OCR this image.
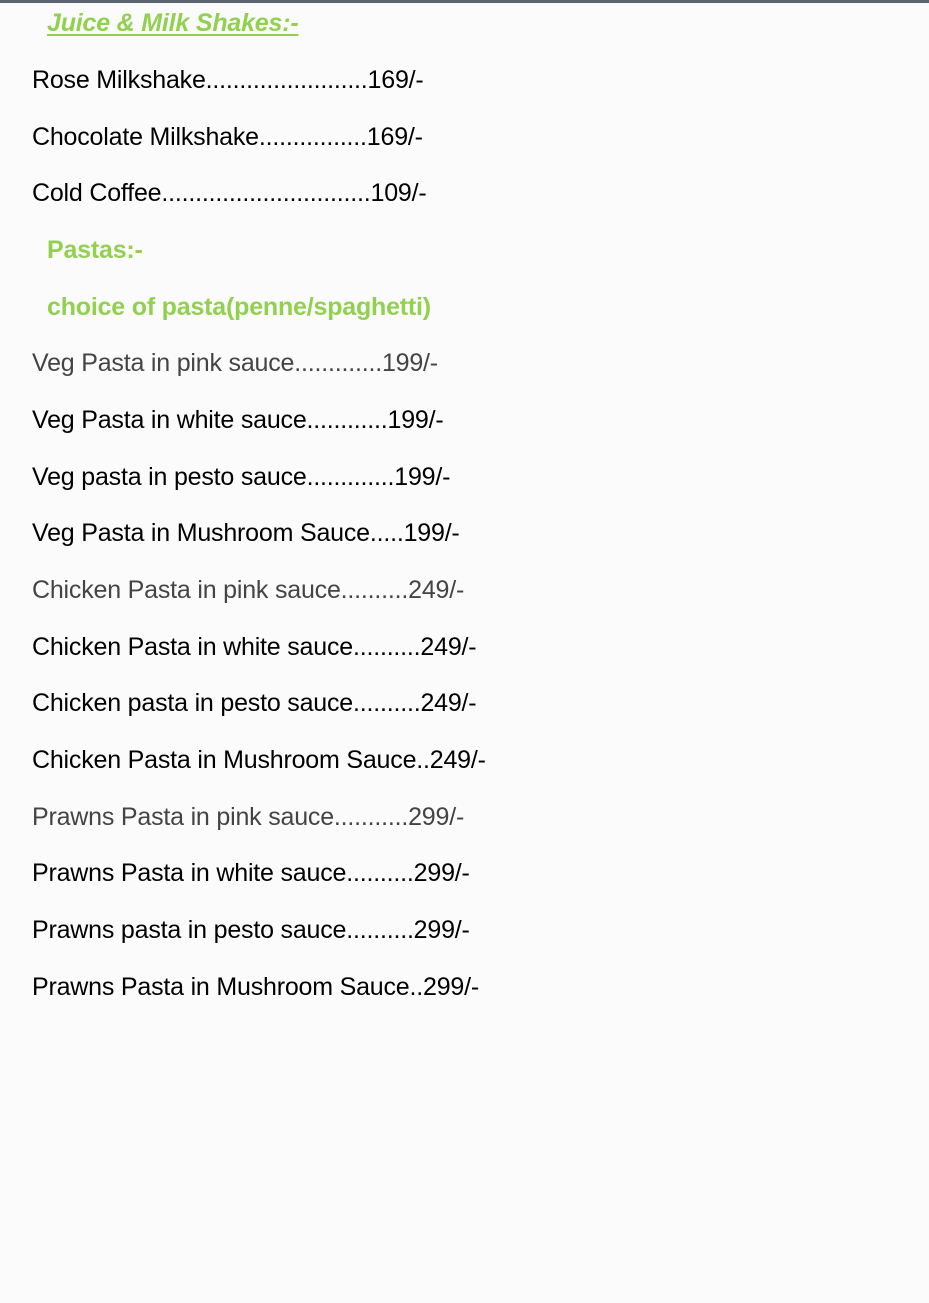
Juice & Milk Shakes:-
Rose Milkshake........................169/-
Chocolate Milkshake................169/-
Cold Coffee...............................109/-
Pastas:-
choice of pasta(penne/spaghetti)
Veg Pasta in pink sauce.............199/-
Veg Pasta in white sauce............199/-
Veg pasta in pesto sauce.............199/-
Veg Pasta in Mushroom Sauce.....199/-
Chicken Pasta in pink sauce..........249/-
Chicken Pasta in white sauce..........249/-
Chicken pasta in pesto sauce..........249/-
Chicken Pasta in Mushroom Sauce..249/-
Prawns Pasta in pink sauce...........299/-
Prawns Pasta in white sauce..........299/-
Prawns pasta in pesto sauce..........299/-
Prawns Pasta in Mushroom Sauce..299/-
